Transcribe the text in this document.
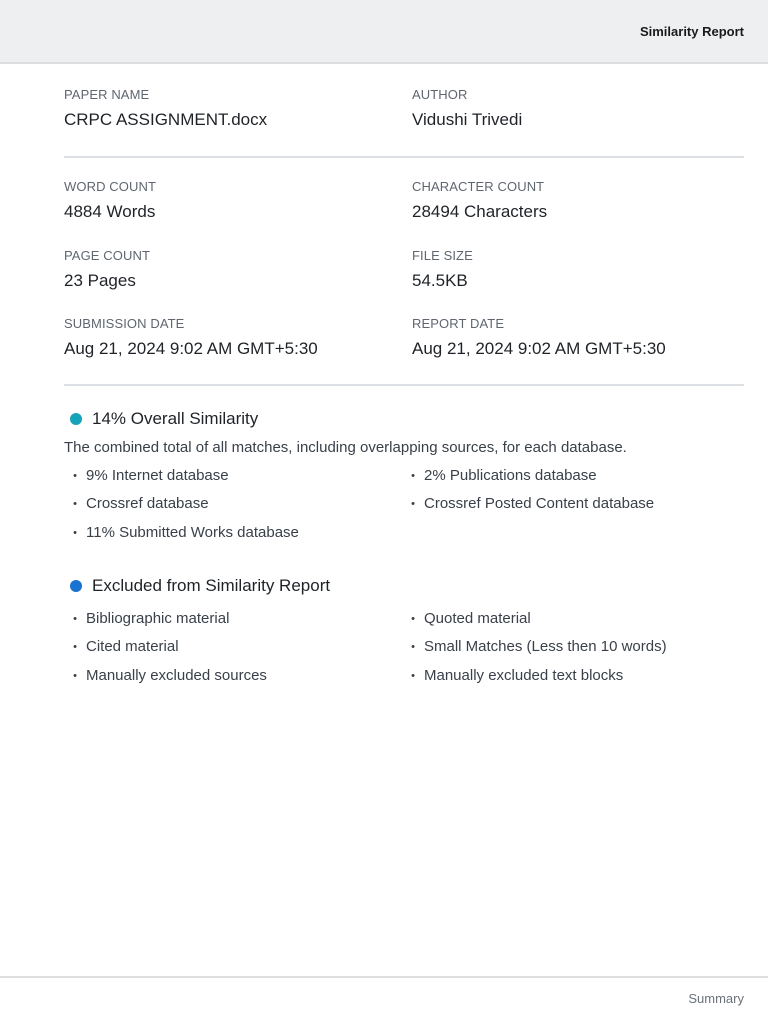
Similarity Report
PAPER NAME
CRPC ASSIGNMENT.docx
AUTHOR
Vidushi Trivedi
WORD COUNT
4884 Words
CHARACTER COUNT
28494 Characters
PAGE COUNT
23 Pages
FILE SIZE
54.5KB
SUBMISSION DATE
Aug 21, 2024 9:02 AM GMT+5:30
REPORT DATE
Aug 21, 2024 9:02 AM GMT+5:30
14% Overall Similarity
The combined total of all matches, including overlapping sources, for each database.
• 9% Internet database	• 2% Publications database
• Crossref database	• Crossref Posted Content database
• 11% Submitted Works database
Excluded from Similarity Report
• Bibliographic material	• Quoted material
• Cited material	• Small Matches (Less then 10 words)
• Manually excluded sources	• Manually excluded text blocks
Summary
